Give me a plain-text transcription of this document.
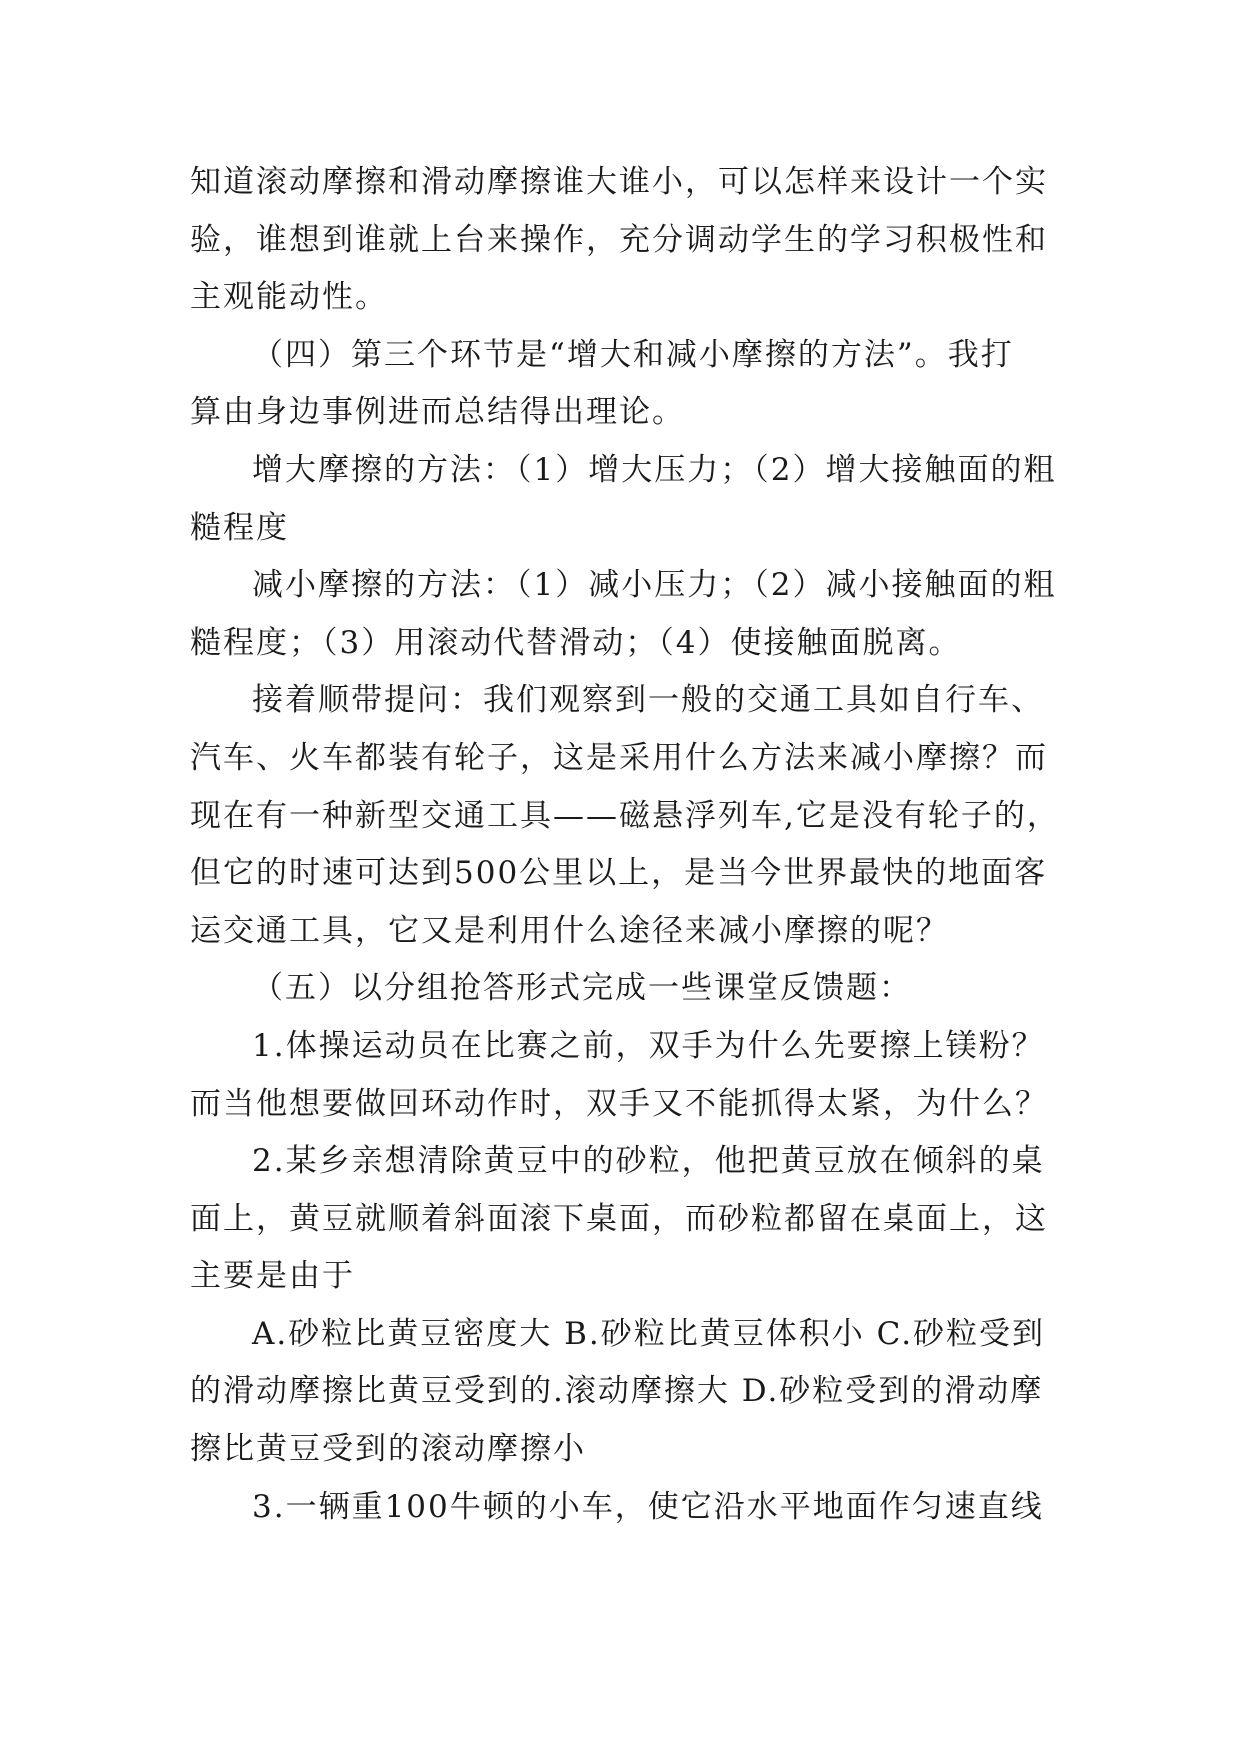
知道滚动摩擦和滑动摩擦谁大谁小，可以怎样来设计一个实
验，谁想到谁就上台来操作，充分调动学生的学习积极性和
主观能动性。

（四）第三个环节是“增大和减小摩擦的方法”。我打
算由身边事例进而总结得出理论。

增大摩擦的方法：（1）增大压力；（2）增大接触面的粗
糙程度

减小摩擦的方法：（1）减小压力；（2）减小接触面的粗
糙程度；（3）用滚动代替滑动；（4）使接触面脱离。

接着顺带提问：我们观察到一般的交通工具如自行车、
汽车、火车都装有轮子，这是采用什么方法来减小摩擦？而
现在有一种新型交通工具——磁悬浮列车,它是没有轮子的，
但它的时速可达到500公里以上，是当今世界最快的地面客
运交通工具，它又是利用什么途径来减小摩擦的呢？

（五）以分组抢答形式完成一些课堂反馈题：

1.体操运动员在比赛之前，双手为什么先要擦上镁粉？
而当他想要做回环动作时，双手又不能抓得太紧，为什么？

2.某乡亲想清除黄豆中的砂粒，他把黄豆放在倾斜的桌
面上，黄豆就顺着斜面滚下桌面，而砂粒都留在桌面上，这
主要是由于

A.砂粒比黄豆密度大 B.砂粒比黄豆体积小 C.砂粒受到
的滑动摩擦比黄豆受到的.滚动摩擦大 D.砂粒受到的滑动摩
擦比黄豆受到的滚动摩擦小

3.一辆重100牛顿的小车，使它沿水平地面作匀速直线
